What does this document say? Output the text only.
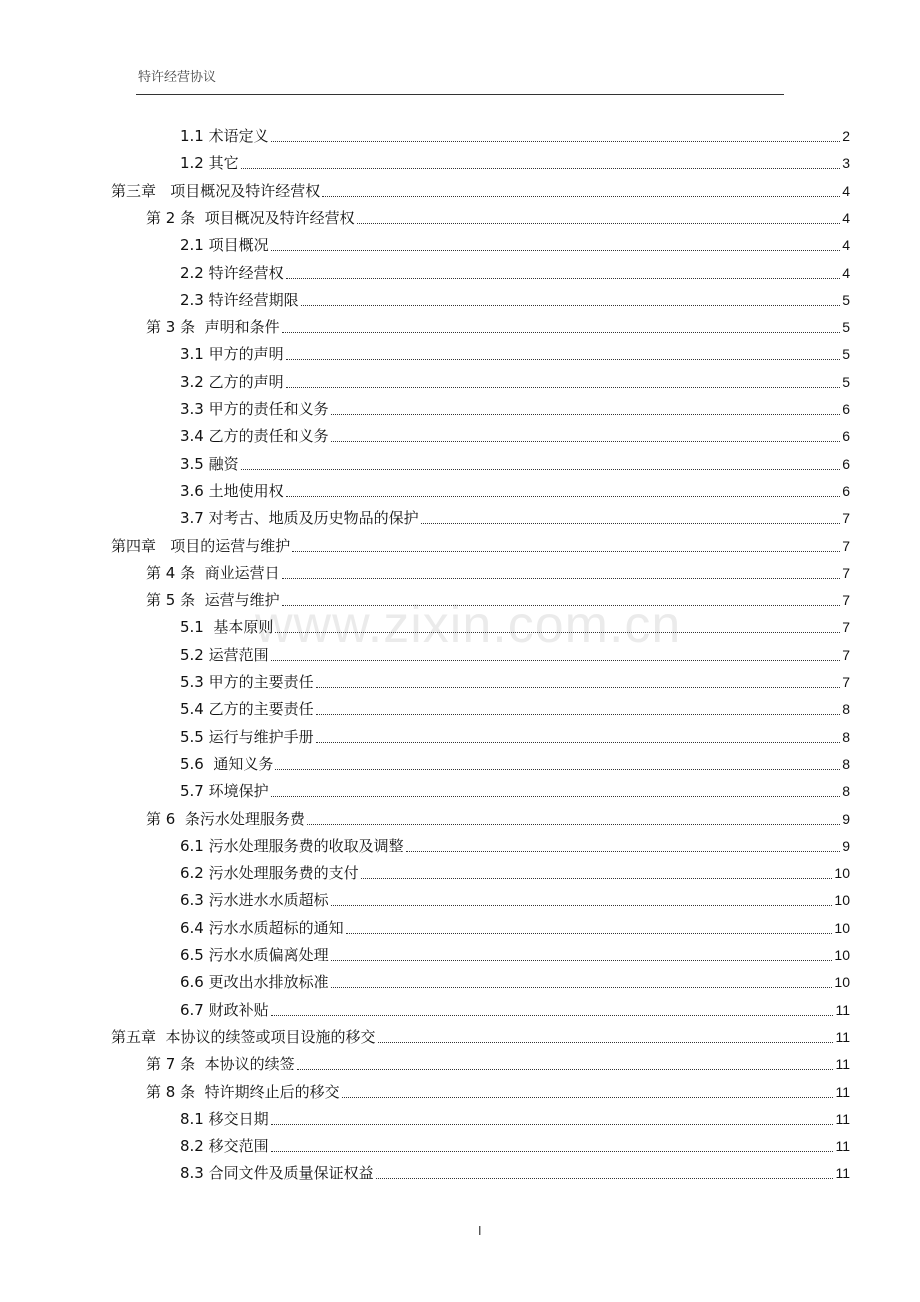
特许经营协议
www.zixin.com.cn
1.1 术语定义	2
1.2 其它	3
第三章   项目概况及特许经营权	4
第 2 条  项目概况及特许经营权	4
2.1 项目概况	4
2.2 特许经营权	4
2.3 特许经营期限	5
第 3 条  声明和条件	5
3.1 甲方的声明	5
3.2 乙方的声明	5
3.3 甲方的责任和义务	6
3.4 乙方的责任和义务	6
3.5 融资	6
3.6 土地使用权	6
3.7 对考古、地质及历史物品的保护	7
第四章   项目的运营与维护	7
第 4 条  商业运营日	7
第 5 条  运营与维护	7
5.1  基本原则	7
5.2 运营范围	7
5.3 甲方的主要责任	7
5.4 乙方的主要责任	8
5.5 运行与维护手册	8
5.6  通知义务	8
5.7 环境保护	8
第 6  条污水处理服务费	9
6.1 污水处理服务费的收取及调整	9
6.2 污水处理服务费的支付	10
6.3 污水进水水质超标	10
6.4 污水水质超标的通知	10
6.5 污水水质偏离处理	10
6.6 更改出水排放标准	10
6.7 财政补贴	11
第五章  本协议的续签或项目设施的移交	11
第 7 条  本协议的续签	11
第 8 条  特许期终止后的移交	11
8.1 移交日期	11
8.2 移交范围	11
8.3 合同文件及质量保证权益	11
I
